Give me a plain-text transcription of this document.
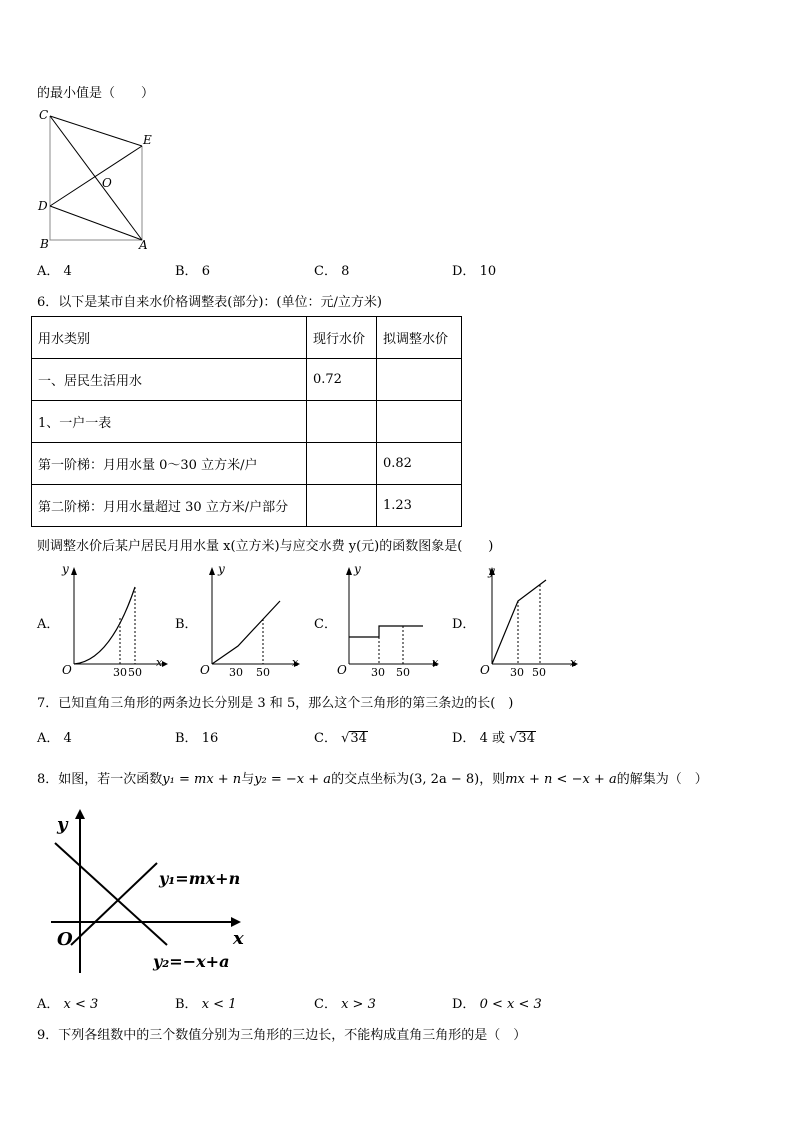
的最小值是（　　）
C
E
O
D
B	A
A． 4	B． 6	C． 8	D． 10
6．以下是某市自来水价格调整表(部分)：(单位：元/立方米)
用水类别	现行水价	拟调整水价
一、居民生活用水	0.72	
1、一户一表		
第一阶梯：月用水量 0～30 立方米/户		0.82
第二阶梯：月用水量超过 30 立方米/户部分		1.23
则调整水价后某户居民月用水量 x(立方米)与应交水费 y(元)的函数图象是(　　)
A．
y
x
O	30 50
B．
y
x
O 30 50
C．
y
x
O 30 50
D．
y
x
O 30 50
7．已知直角三角形的两条边长分别是 3 和 5，那么这个三角形的第三条边的长(　)
A． 4	B． 16	C． √34	D． 4 或 √34
8．如图，若一次函数y₁ = mx + n与y₂ = −x + a的交点坐标为(3, 2a − 8)，则mx + n < −x + a的解集为（　）
y
x
O
y₁=mx+n
y₂=−x+a
A． x < 3	B． x < 1	C． x > 3	D． 0 < x < 3
9．下列各组数中的三个数值分别为三角形的三边长，不能构成直角三角形的是（　）
